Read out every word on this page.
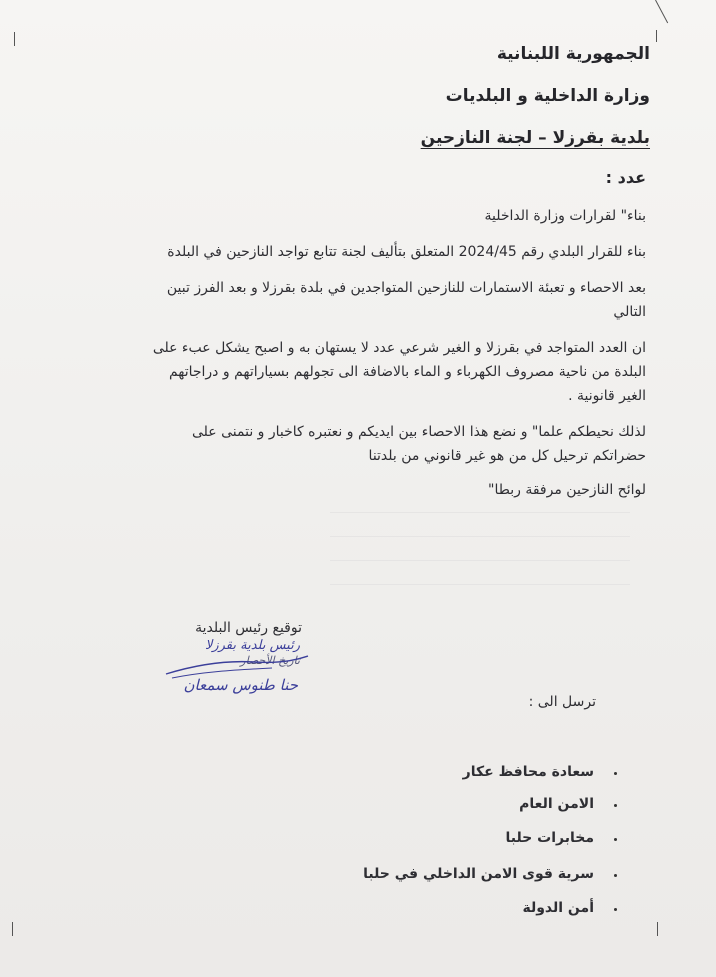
الجمهورية اللبنانية
وزارة الداخلية و البلديات
بلدية بقرزلا – لجنة النازحين
عدد :
بناء" لقرارات وزارة الداخلية
بناء للقرار البلدي رقم 2024/45 المتعلق بتأليف لجنة تتابع تواجد النازحين في البلدة
بعد الاحصاء و تعبئة الاستمارات للنازحين المتواجدين في بلدة بقرزلا و بعد الفرز تبين
التالي
ان العدد المتواجد في بقرزلا و الغير شرعي عدد لا يستهان به و اصبح يشكل عبء على
البلدة من ناحية مصروف الكهرباء و الماء بالاضافة الى تجولهم بسياراتهم و دراجاتهم
الغير قانونية .
لذلك نحيطكم علما" و نضع هذا الاحصاء بين ايديكم و نعتبره كاخبار و نتمنى على
حضراتكم ترحيل كل من هو غير قانوني من بلدتنا
لوائح النازحين مرفقة ربطا"
توقيع رئيس البلدية
رئيس بلدية بقرزلا
تاريخ الأحصار
حنا طنوس سمعان
ترسل الى :
سعادة محافظ عكار
الامن العام
مخابرات حلبا
سرية قوى الامن الداخلي في حلبا
أمن الدولة
